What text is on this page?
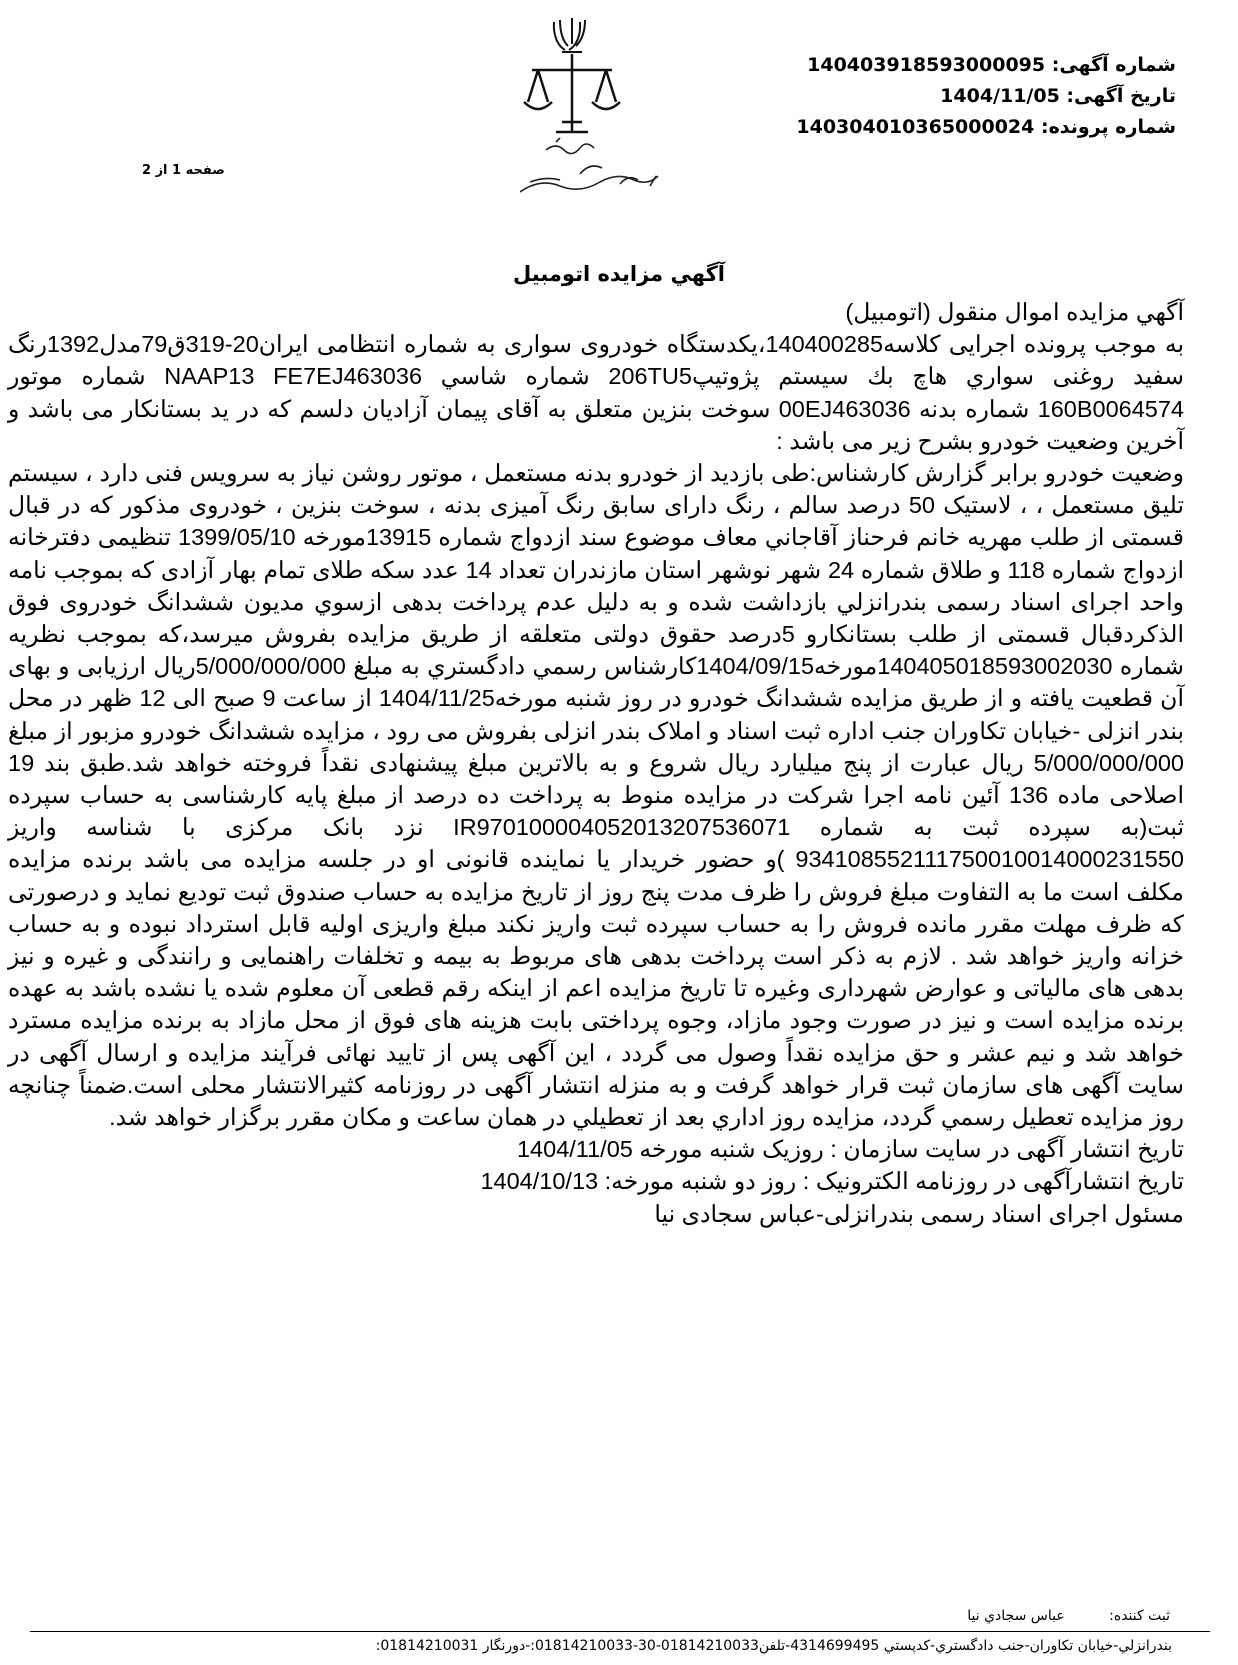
شماره آگهی: 14040391859300009​5
تاریخ آگهی: 1404/11/05
شماره پرونده: 14030401036500002​4
صفحه 1 از 2
آگهي مزايده اتومبيل

آگهي مزايده اموال منقول (اتومبيل)

به موجب پرونده اجرایی کلاسه140400285،یکدستگاه خودروی سواری به شماره انتظامی ایران20-319ق79مدل1392رنگ سفيد روغنی سواري هاچ بك سیستم پژوتیپ206TU5 شماره شاسي NAAP13 FE7EJ463036 شماره موتور 160B0064574 شماره بدنه 00EJ463036 سوخت بنزين متعلق به آقای پیمان آزادیان دلسم که در ید بستانکار می باشد و آخرین وضعیت خودرو بشرح زیر می باشد :

وضعیت خودرو برابر گزارش کارشناس:طی بازدید از خودرو بدنه مستعمل ، موتور روشن نیاز به سرویس فنی دارد ، سیستم تلیق مستعمل ، ، لاستیک 50 درصد سالم ، رنگ دارای سابق رنگ آمیزی بدنه ، سوخت بنزین ، خودروی مذکور که در قبال قسمتی از طلب مهريه خانم فرحناز آقاجاني معاف موضوع سند ازدواج شماره 13915مورخه 1399/05/10 تنظیمی دفترخانه ازدواج شماره 118 و طلاق شماره 24 شهر نوشهر استان مازندران تعداد 14 عدد سکه طلای تمام بهار آزادی که بموجب نامه واحد اجرای اسناد رسمی بندرانزلي بازداشت شده و به دلیل عدم پرداخت بدهی ازسوي مديون ششدانگ خودروی فوق الذکردقبال قسمتی از طلب بستانکارو 5درصد حقوق دولتی متعلقه از طریق مزایده بفروش میرسد،که بموجب نظریه شماره 140405018593002030مورخه1404/09/15کارشناس رسمي دادگستري به مبلغ 5/000/000/000ریال ارزیابی و بهای آن قطعیت یافته و از طریق مزایده ششدانگ خودرو در روز شنبه مورخه1404/11/25 از ساعت 9 صبح الی 12 ظهر در محل بندر انزلی -خیابان تکاوران جنب اداره ثبت اسناد و املاک بندر انزلی بفروش می رود ، مزایده ششدانگ خودرو مزبور از مبلغ 5/000/000/000 ریال عبارت از پنج میلیارد ریال شروع و به بالاترین مبلغ پیشنهادی نقداً فروخته خواهد شد.طبق بند 19 اصلاحی ماده 136 آئین نامه اجرا شرکت در مزایده منوط به پرداخت ده درصد از مبلغ پایه کارشناسی به حساب سپرده ثبت(به سپرده ثبت به شماره IR970100004052013207536071 نزد بانک مرکزی با شناسه واریز 934108552111750010014000231550 )و حضور خریدار یا نماینده قانونی او در جلسه مزایده می باشد برنده مزایده مکلف است ما به التفاوت مبلغ فروش را ظرف مدت پنج روز از تاریخ مزایده به حساب صندوق ثبت تودیع نماید و درصورتی که ظرف مهلت مقرر مانده فروش را به حساب سپرده ثبت واریز نکند مبلغ واریزی اولیه قابل استرداد نبوده و به حساب خزانه واریز خواهد شد . لازم به ذکر است پرداخت بدهی های مربوط به بیمه و تخلفات راهنمایی و رانندگی و غیره و نیز بدهی های مالیاتی و عوارض شهرداری وغیره تا تاریخ مزایده اعم از اینکه رقم قطعی آن معلوم شده یا نشده باشد به عهده برنده مزایده است و نیز در صورت وجود مازاد، وجوه پرداختی بابت هزینه های فوق از محل مازاد به برنده مزایده مسترد خواهد شد و نیم عشر و حق مزایده نقداً وصول می گردد ، این آگهی پس از تایید نهائی فرآیند مزایده و ارسال آگهی در سایت آگهی های سازمان ثبت قرار خواهد گرفت و به منزله انتشار آگهی در روزنامه کثیرالانتشار محلی است.ضمناً چنانچه روز مزايده تعطيل رسمي گردد، مزايده روز اداري بعد از تعطيلي در همان ساعت و مکان مقرر برگزار خواهد شد.

تاریخ انتشار آگهی در سایت سازمان : روزیک شنبه مورخه 1404/11/05

تاریخ انتشارآگهی در روزنامه الکترونیک : روز دو شنبه مورخه: 1404/10/13

مسئول اجرای اسناد رسمی بندرانزلی-عباس سجادی نیا

ثبت کننده: عباس سجادي نيا
بندرانزلي-خيابان تكاوران-جنب دادگستري-كدپستي 4314699495-تلفن01814210033-30-01814210033:-دورنگار 01814210031:
